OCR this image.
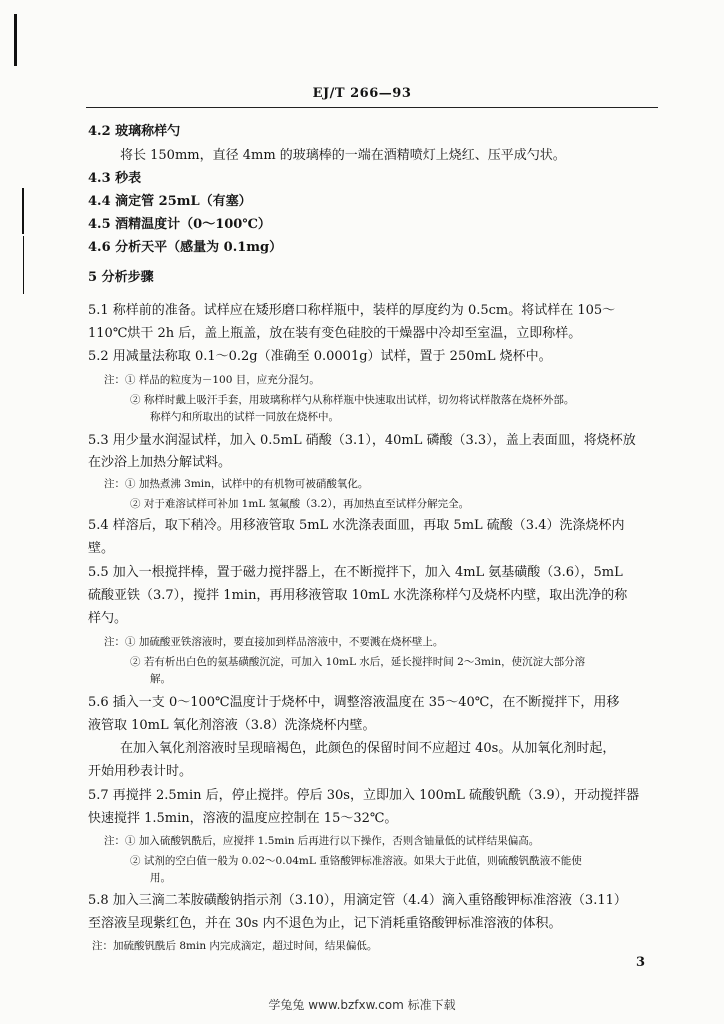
EJ/T 266—93
4.2 玻璃称样勺
将长 150mm，直径 4mm 的玻璃棒的一端在酒精喷灯上烧红、压平成勺状。
4.3 秒表
4.4 滴定管 25mL（有塞）
4.5 酒精温度计（0～100℃）
4.6 分析天平（感量为 0.1mg）
5 分析步骤
5.1 称样前的准备。试样应在矮形磨口称样瓶中，装样的厚度约为 0.5cm。将试样在 105～
110℃烘干 2h 后，盖上瓶盖，放在装有变色硅胶的干燥器中冷却至室温，立即称样。
5.2 用减量法称取 0.1～0.2g（准确至 0.0001g）试样，置于 250mL 烧杯中。
注：① 样品的粒度为－100 目，应充分混匀。
② 称样时戴上吸汗手套，用玻璃称样勺从称样瓶中快速取出试样，切勿将试样散落在烧杯外部。
称样勺和所取出的试样一同放在烧杯中。
5.3 用少量水润湿试样，加入 0.5mL 硝酸（3.1），40mL 磷酸（3.3），盖上表面皿，将烧杯放
在沙浴上加热分解试料。
注：① 加热煮沸 3min，试样中的有机物可被硝酸氧化。
② 对于难溶试样可补加 1mL 氢氟酸（3.2），再加热直至试样分解完全。
5.4 样溶后，取下稍冷。用移液管取 5mL 水洗涤表面皿，再取 5mL 硫酸（3.4）洗涤烧杯内
壁。
5.5 加入一根搅拌棒，置于磁力搅拌器上，在不断搅拌下，加入 4mL 氨基磺酸（3.6），5mL
硫酸亚铁（3.7），搅拌 1min，再用移液管取 10mL 水洗涤称样勺及烧杯内壁，取出洗净的称
样勺。
注：① 加硫酸亚铁溶液时，要直接加到样品溶液中，不要溅在烧杯壁上。
② 若有析出白色的氨基磺酸沉淀，可加入 10mL 水后，延长搅拌时间 2～3min，使沉淀大部分溶
解。
5.6 插入一支 0～100℃温度计于烧杯中，调整溶液温度在 35～40℃，在不断搅拌下，用移
液管取 10mL 氧化剂溶液（3.8）洗涤烧杯内壁。
在加入氧化剂溶液时呈现暗褐色，此颜色的保留时间不应超过 40s。从加氧化剂时起，
开始用秒表计时。
5.7 再搅拌 2.5min 后，停止搅拌。停后 30s，立即加入 100mL 硫酸钒酰（3.9），开动搅拌器
快速搅拌 1.5min，溶液的温度应控制在 15～32℃。
注：① 加入硫酸钒酰后，应搅拌 1.5min 后再进行以下操作，否则含铀量低的试样结果偏高。
② 试剂的空白值一般为 0.02～0.04mL 重铬酸钾标准溶液。如果大于此值，则硫酸钒酰液不能使
用。
5.8 加入三滴二苯胺磺酸钠指示剂（3.10），用滴定管（4.4）滴入重铬酸钾标准溶液（3.11）
至溶液呈现紫红色，并在 30s 内不退色为止，记下消耗重铬酸钾标准溶液的体积。
注：加硫酸钒酰后 8min 内完成滴定，超过时间，结果偏低。
3
学兔兔 www.bzfxw.com 标准下载
